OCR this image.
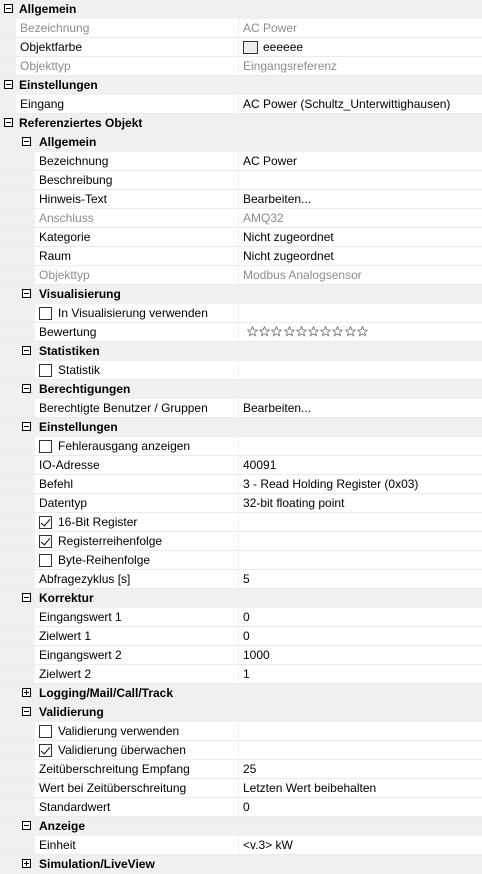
Allgemein
Bezeichnung	AC Power
Objektfarbe	eeeeee
Objekttyp	Eingangsreferenz
Einstellungen
Eingang	AC Power (Schultz_Unterwittighausen)
Referenziertes Objekt
Allgemein
Bezeichnung	AC Power
Beschreibung
Hinweis-Text	Bearbeiten...
Anschluss	AMQ32
Kategorie	Nicht zugeordnet
Raum	Nicht zugeordnet
Objekttyp	Modbus Analogsensor
Visualisierung
In Visualisierung verwenden
Bewertung
Statistiken
Statistik
Berechtigungen
Berechtigte Benutzer / Gruppen	Bearbeiten...
Einstellungen
Fehlerausgang anzeigen
IO-Adresse	40091
Befehl	3 - Read Holding Register (0x03)
Datentyp	32-bit floating point
16-Bit Register
Registerreihenfolge
Byte-Reihenfolge
Abfragezyklus [s]	5
Korrektur
Eingangswert 1	0
Zielwert 1	0
Eingangswert 2	1000
Zielwert 2	1
Logging/Mail/Call/Track
Validierung
Validierung verwenden
Validierung überwachen
Zeitüberschreitung Empfang	25
Wert bei Zeitüberschreitung	Letzten Wert beibehalten
Standardwert	0
Anzeige
Einheit	<v.3> kW
Simulation/LiveView
